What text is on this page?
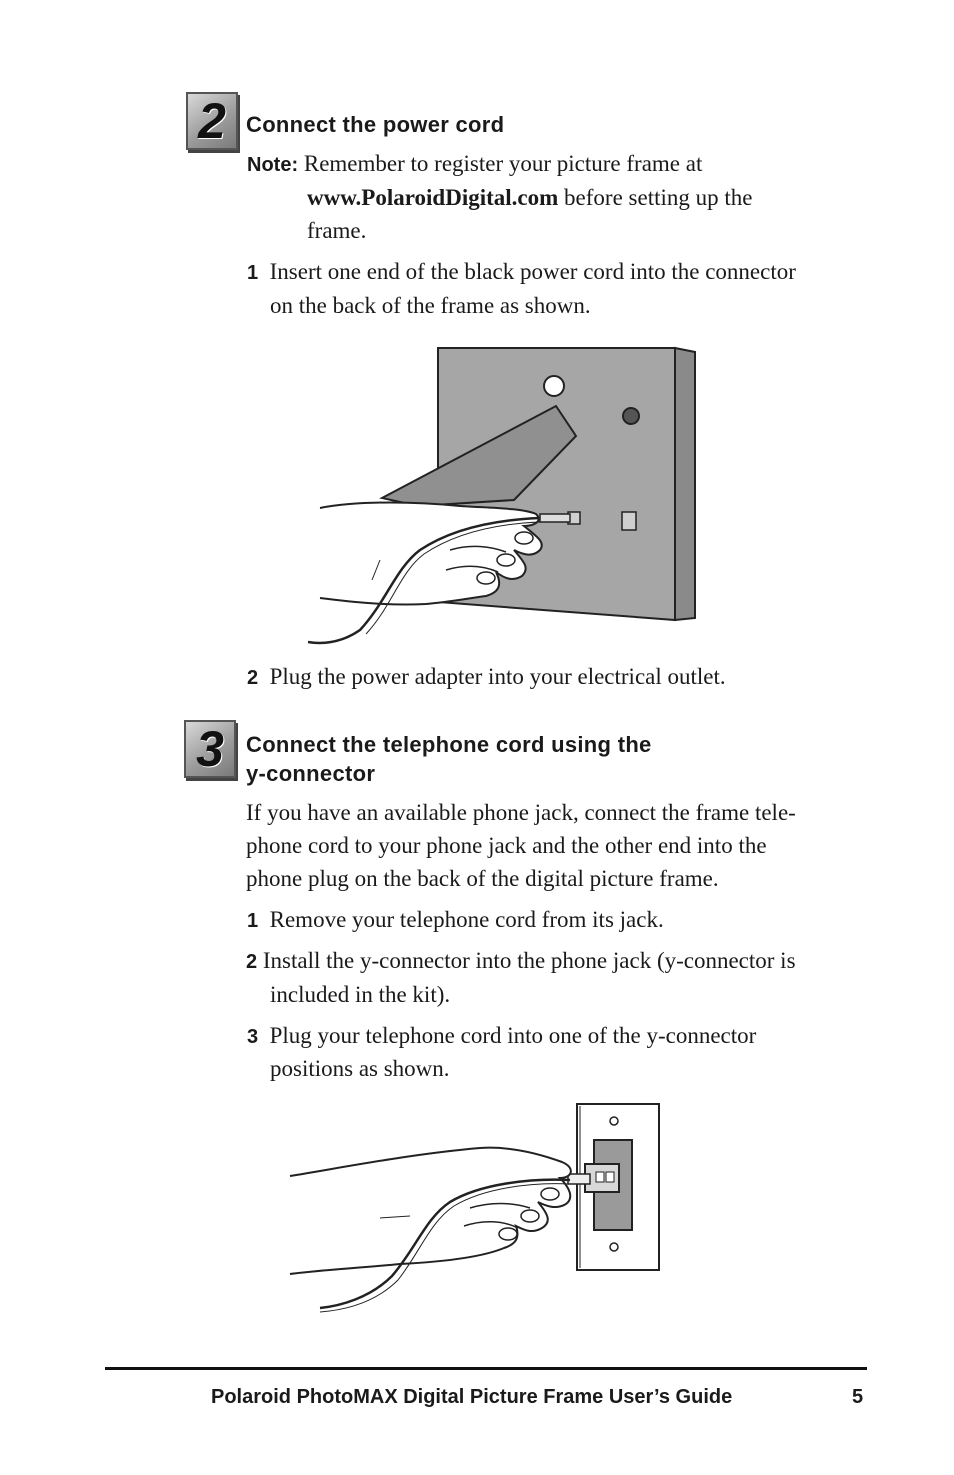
2 Connect the power cord
Note: Remember to register your picture frame at
www.PolaroidDigital.com before setting up the
frame.
1 Insert one end of the black power cord into the connector
on the back of the frame as shown.
2 Plug the power adapter into your electrical outlet.
3	Connect the telephone cord using the
y-connector
If you have an available phone jack, connect the frame tele-
phone cord to your phone jack and the other end into the
phone plug on the back of the digital picture frame.
1 Remove your telephone cord from its jack.
2 Install the y-connector into the phone jack (y-connector is
included in the kit).
3 Plug your telephone cord into one of the y-connector
positions as shown.
Polaroid PhotoMAX Digital Picture Frame User’s Guide	5
